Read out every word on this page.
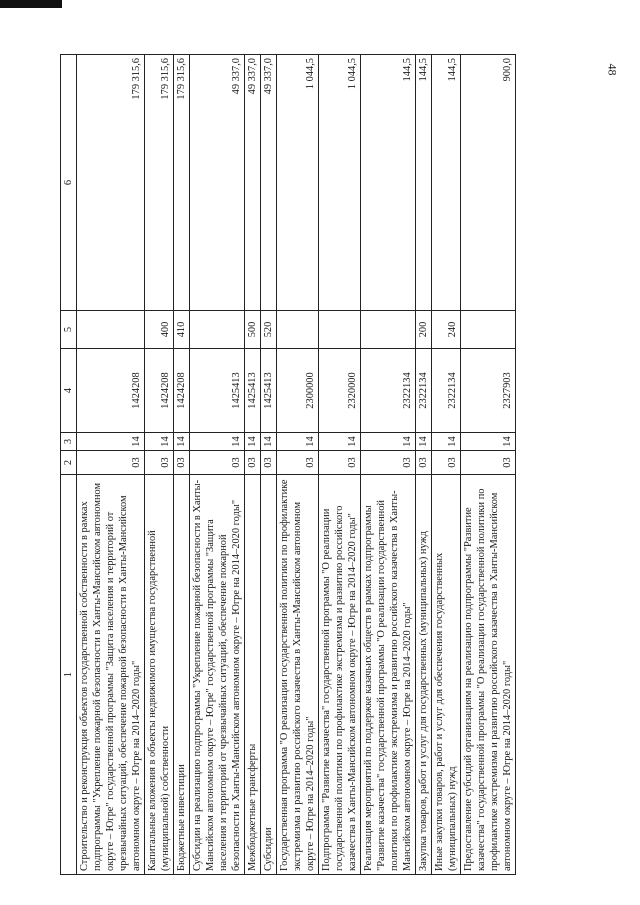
48
1	2	3	4	5	6
Строительство и реконструкция объектов государственной собственности в рамках подпрограммы "Укрепление пожарной безопасности в Ханты-Мансийском автономном округе – Югре" государственной программы "Защита населения и территорий от чрезвычайных ситуаций, обеспечение пожарной безопасности в Ханты-Мансийском автономном округе – Югре на 2014–2020 годы"	03	14	1424208		179 315,6
Капитальные вложения в объекты недвижимого имущества государственной (муниципальной) собственности	03	14	1424208	400	179 315,6
Бюджетные инвестиции	03	14	1424208	410	179 315,6
Субсидии на реализацию подпрограммы "Укрепление пожарной безопасности в Ханты-Мансийском автономном округе – Югре" государственной программы "Защита населения и территорий от чрезвычайных ситуаций, обеспечение пожарной безопасности в Ханты-Мансийском автономном округе – Югре на 2014–2020 годы"	03	14	1425413		49 337,0
Межбюджетные трансферты	03	14	1425413	500	49 337,0
Субсидии	03	14	1425413	520	49 337,0
Государственная программа "О реализации государственной политики по профилактике экстремизма и развитию российского казачества в Ханты-Мансийском автономном округе – Югре на 2014–2020 годы"	03	14	2300000		1 044,5
Подпрограмма "Развитие казачества" государственной программы "О реализации государственной политики по профилактике экстремизма и развитию российского казачества в Ханты-Мансийском автономном округе – Югре на 2014–2020 годы"	03	14	2320000		1 044,5
Реализация мероприятий по поддержке казачьих обществ в рамках подпрограммы "Развитие казачества" государственной программы "О реализации государственной политики по профилактике экстремизма и развитию российского казачества в Ханты-Мансийском автономном округе – Югре на 2014–2020 годы"	03	14	2322134		144,5
Закупка товаров, работ и услуг для государственных (муниципальных) нужд	03	14	2322134	200	144,5
Иные закупки товаров, работ и услуг для обеспечения государственных (муниципальных) нужд	03	14	2322134	240	144,5
Предоставление субсидий организациям на реализацию подпрограммы "Развитие казачества" государственной программы "О реализации государственной политики по профилактике экстремизма и развитию российского казачества в Ханты-Мансийском автономном округе – Югре на 2014–2020 годы"	03	14	2327903		900,0
